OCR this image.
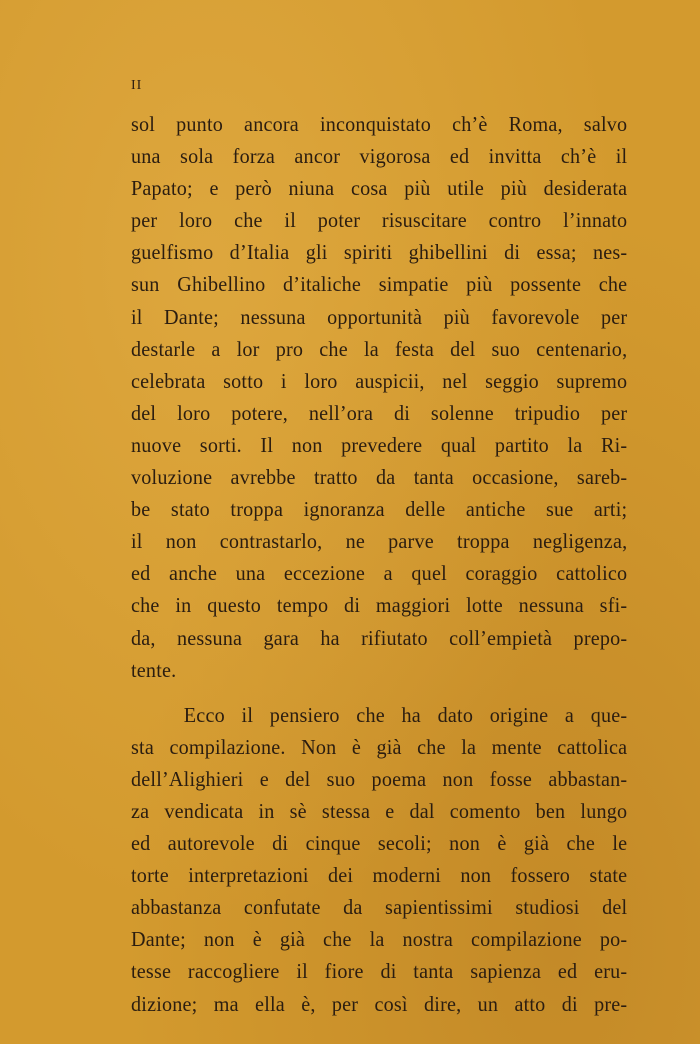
II
sol punto ancora inconquistato ch’è Roma, salvo
una sola forza ancor vigorosa ed invitta ch’è il
Papato; e però niuna cosa più utile più desiderata
per loro che il poter risuscitare contro l’innato
guelfismo d’Italia gli spiriti ghibellini di essa; nes-
sun Ghibellino d’italiche simpatie più possente che
il Dante; nessuna opportunità più favorevole per
destarle a lor pro che la festa del suo centenario,
celebrata sotto i loro auspicii, nel seggio supremo
del loro potere, nell’ora di solenne tripudio per
nuove sorti. Il non prevedere qual partito la Ri-
voluzione avrebbe tratto da tanta occasione, sareb-
be stato troppa ignoranza delle antiche sue arti;
il non contrastarlo, ne parve troppa negligenza,
ed anche una eccezione a quel coraggio cattolico
che in questo tempo di maggiori lotte nessuna sfi-
da, nessuna gara ha rifiutato coll’empietà prepo-
tente.
Ecco il pensiero che ha dato origine a que-
sta compilazione. Non è già che la mente cattolica
dell’Alighieri e del suo poema non fosse abbastan-
za vendicata in sè stessa e dal comento ben lungo
ed autorevole di cinque secoli; non è già che le
torte interpretazioni dei moderni non fossero state
abbastanza confutate da sapientissimi studiosi del
Dante; non è già che la nostra compilazione po-
tesse raccogliere il fiore di tanta sapienza ed eru-
dizione; ma ella è, per così dire, un atto di pre-
